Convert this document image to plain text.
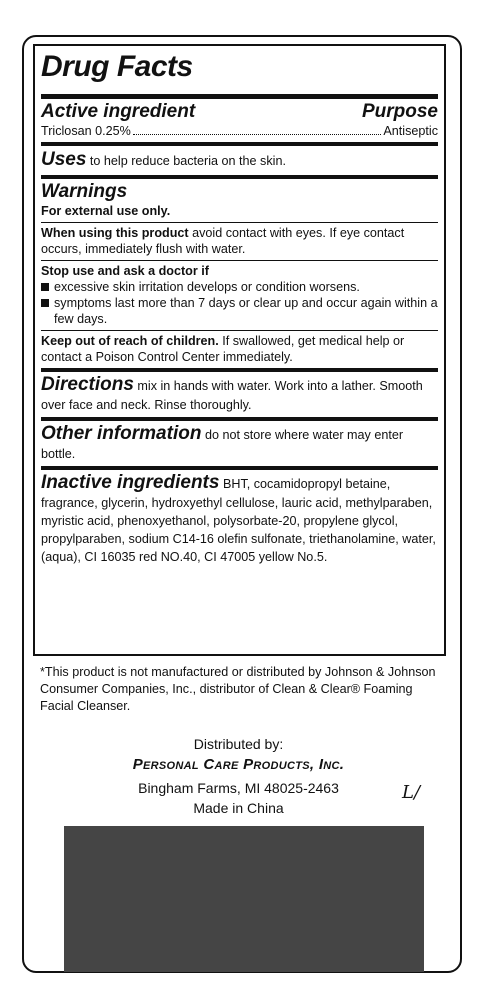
Drug Facts
Active ingredient	Purpose
Triclosan 0.25%	Antiseptic
Uses to help reduce bacteria on the skin.
Warnings
For external use only.
When using this product avoid contact with eyes. If eye contact occurs, immediately flush with water.
Stop use and ask a doctor if
excessive skin irritation develops or condition worsens.
symptoms last more than 7 days or clear up and occur again within a few days.
Keep out of reach of children. If swallowed, get medical help or contact a Poison Control Center immediately.
Directions mix in hands with water. Work into a lather. Smooth over face and neck. Rinse thoroughly.
Other information do not store where water may enter bottle.
Inactive ingredients BHT, cocamidopropyl betaine, fragrance, glycerin, hydroxyethyl cellulose, lauric acid, methylparaben, myristic acid, phenoxyethanol, polysorbate-20, propylene glycol, propylparaben, sodium C14-16 olefin sulfonate, triethanolamine, water, (aqua), CI 16035 red NO.40, CI 47005 yellow No.5.
*This product is not manufactured or distributed by Johnson & Johnson Consumer Companies, Inc., distributor of Clean & Clear® Foaming Facial Cleanser.
Distributed by:
Personal Care Products, Inc.
Bingham Farms, MI 48025-2463
Made in China
L/
